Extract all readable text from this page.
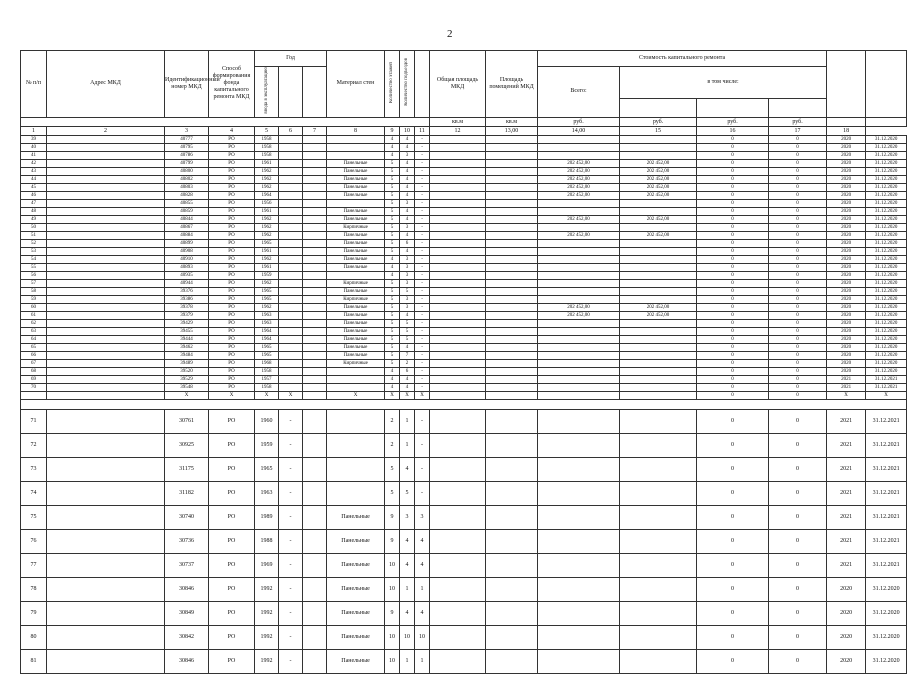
2
№ п/п	Адрес МКД	Идентификационный номер МКД	Способ формирования фонда капитального ремонта МКД	Год			Материал стен	Количество этажей	Количество подъездов		Общая площадь МКД	Площадь помещений МКД	Стоимость капитального ремонта					
				ввода в эксплуатацию									Всего:	в том числе:				

											кв.м	кв.м	руб.	руб.	руб.	руб.		
1	2	3	4	5	6	7	8	9	10	11	12	13,00	14,00	15	16	17	18	
39		40777	РО	1958				4	4	-					0	0	2020	31.12.2020
40		40795	РО	1958				4	4	-					0	0	2020	31.12.2020
41		40786	РО	1958				4	3	-					0	0	2020	31.12.2020
42		40799	РО	1961			Панельные	5	4	-			202 452,00	202 452,00	0	0	2020	31.12.2020
43		40800	РО	1962			Панельные	5	4	-			202 452,00	202 452,00	0	0	2020	31.12.2020
44		40802	РО	1962			Панельные	5	4	-			202 452,00	202 452,00	0	0	2020	31.12.2020
45		40803	РО	1962			Панельные	5	4	-			202 452,00	202 452,00	0	0	2020	31.12.2020
46		40828	РО	1964			Панельные	5	4	-			202 452,00	202 452,00	0	0	2020	31.12.2020
47		40855	РО	1956				5	3	-					0	0	2020	31.12.2020
48		40859	РО	1961			Панельные	5	4	-					0	0	2020	31.12.2020
49		40844	РО	1962			Панельные	5	4	-			202 452,00	202 452,00	0	0	2020	31.12.2020
50		40867	РО	1962			Кирпичные	5	3	-					0	0	2020	31.12.2020
51		40884	РО	1962			Панельные	5	4	-			202 452,00	202 452,00	0	0	2020	31.12.2020
52		40899	РО	1965			Панельные	5	6	-					0	0	2020	31.12.2020
53		40908	РО	1961			Панельные	5	4	-					0	0	2020	31.12.2020
54		40910	РО	1962			Панельные	4	3	-					0	0	2020	31.12.2020
55		40893	РО	1961			Панельные	4	3	-					0	0	2020	31.12.2020
56		40935	РО	1959				4	3	-					0	0	2020	31.12.2020
57		40944	РО	1962			Кирпичные	5	3	-					0	0	2020	31.12.2020
58		39376	РО	1965			Панельные	5	5	-					0	0	2020	31.12.2020
59		39386	РО	1965			Кирпичные	5	3	-					0	0	2020	31.12.2020
60		39378	РО	1962			Панельные	5	3	-			202 452,00	202 452,00	0	0	2020	31.12.2020
61		39379	РО	1963			Панельные	5	4	-			202 452,00	202 452,00	0	0	2020	31.12.2020
62		39429	РО	1963			Панельные	5	5	-					0	0	2020	31.12.2020
63		39455	РО	1964			Панельные	5	5	-					0	0	2020	31.12.2020
64		39444	РО	1964			Панельные	5	5	-					0	0	2020	31.12.2020
65		39462	РО	1965			Панельные	5	4	-					0	0	2020	31.12.2020
66		39484	РО	1965			Панельные	5	7	-					0	0	2020	31.12.2020
67		39489	РО	1968			Кирпичные	5	2	-					0	0	2020	31.12.2020
68		39520	РО	1958				4	6	-					0	0	2020	31.12.2020
69		39529	РО	1957				4	4	-					0	0	2021	31.12.2021
70		39548	РО	1958				4	4	-					0	0	2021	31.12.2021
		X	X	X	X		X	X	X	X					0	0	X	X

71		30761	РО	1960	-			2	1	-					0	0	2021	31.12.2021
72		30925	РО	1959	-			2	1	-					0	0	2021	31.12.2021
73		31175	РО	1965	-			5	4	-					0	0	2021	31.12.2021
74		31182	РО	1963	-			5	5	-					0	0	2021	31.12.2021
75		30740	РО	1989	-		Панельные	9	3	3					0	0	2021	31.12.2021
76		30736	РО	1988	-		Панельные	9	4	4					0	0	2021	31.12.2021
77		30737	РО	1969	-		Панельные	10	4	4					0	0	2021	31.12.2021
78		30846	РО	1992	-		Панельные	10	1	1					0	0	2020	31.12.2020
79		30849	РО	1992	-		Панельные	9	4	4					0	0	2020	31.12.2020
80		30842	РО	1992	-		Панельные	10	10	10					0	0	2020	31.12.2020
81		30846	РО	1992	-		Панельные	10	1	1					0	0	2020	31.12.2020
